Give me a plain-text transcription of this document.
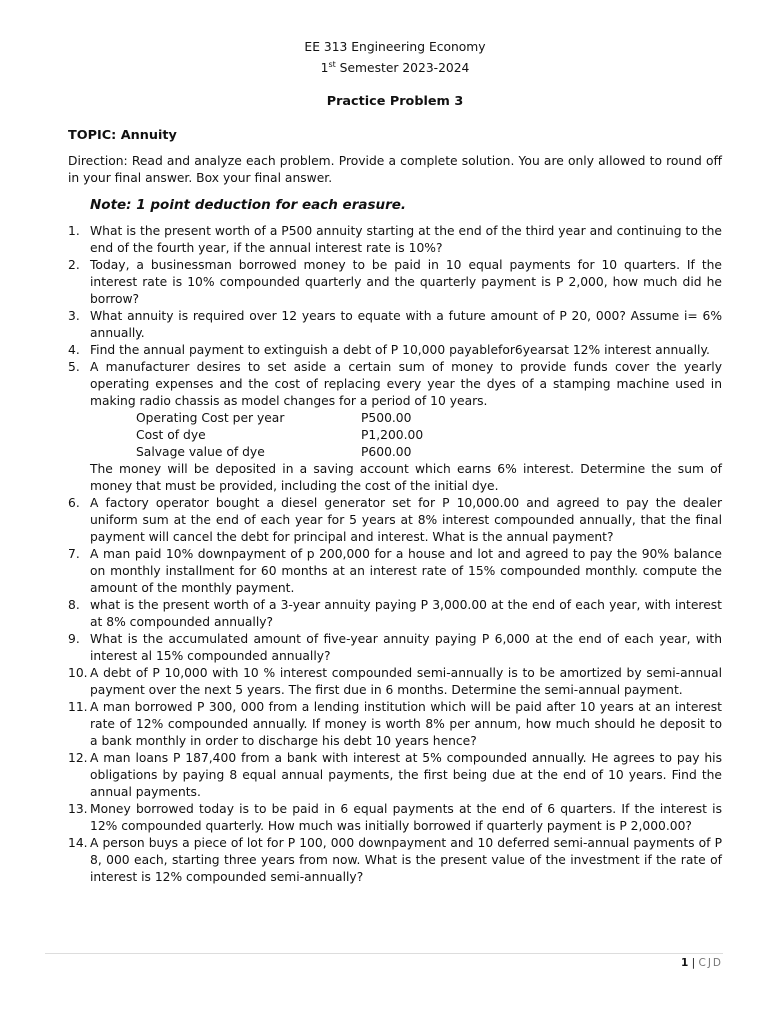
EE 313 Engineering Economy
1st Semester 2023-2024
Practice Problem 3
TOPIC: Annuity
Direction: Read and analyze each problem. Provide a complete solution. You are only allowed to round off in your final answer. Box your final answer.
Note: 1 point deduction for each erasure.
1. What is the present worth of a P500 annuity starting at the end of the third year and continuing to the end of the fourth year, if the annual interest rate is 10%?
2. Today, a businessman borrowed money to be paid in 10 equal payments for 10 quarters. If the interest rate is 10% compounded quarterly and the quarterly payment is P 2,000, how much did he borrow?
3. What annuity is required over 12 years to equate with a future amount of P 20, 000? Assume i= 6% annually.
4. Find the annual payment to extinguish a debt of P 10,000 payablefor6yearsat 12% interest annually.
5. A manufacturer desires to set aside a certain sum of money to provide funds cover the yearly operating expenses and the cost of replacing every year the dyes of a stamping machine used in making radio chassis as model changes for a period of 10 years.
Operating Cost per year	P500.00
Cost of dye	P1,200.00
Salvage value of dye	P600.00
The money will be deposited in a saving account which earns 6% interest. Determine the sum of money that must be provided, including the cost of the initial dye.
6. A factory operator bought a diesel generator set for P 10,000.00 and agreed to pay the dealer uniform sum at the end of each year for 5 years at 8% interest compounded annually, that the final payment will cancel the debt for principal and interest. What is the annual payment?
7. A man paid 10% downpayment of p 200,000 for a house and lot and agreed to pay the 90% balance on monthly installment for 60 months at an interest rate of 15% compounded monthly. compute the amount of the monthly payment.
8. what is the present worth of a 3-year annuity paying P 3,000.00 at the end of each year, with interest at 8% compounded annually?
9. What is the accumulated amount of five-year annuity paying P 6,000 at the end of each year, with interest al 15% compounded annually?
10. A debt of P 10,000 with 10 % interest compounded semi-annually is to be amortized by semi-annual payment over the next 5 years. The first due in 6 months. Determine the semi-annual payment.
11. A man borrowed P 300, 000 from a lending institution which will be paid after 10 years at an interest rate of 12% compounded annually. If money is worth 8% per annum, how much should he deposit to a bank monthly in order to discharge his debt 10 years hence?
12. A man loans P 187,400 from a bank with interest at 5% compounded annually. He agrees to pay his obligations by paying 8 equal annual payments, the first being due at the end of 10 years. Find the annual payments.
13. Money borrowed today is to be paid in 6 equal payments at the end of 6 quarters. If the interest is 12% compounded quarterly. How much was initially borrowed if quarterly payment is P 2,000.00?
14. A person buys a piece of lot for P 100, 000 downpayment and 10 deferred semi-annual payments of P 8, 000 each, starting three years from now. What is the present value of the investment if the rate of interest is 12% compounded semi-annually?
1 | CJD
